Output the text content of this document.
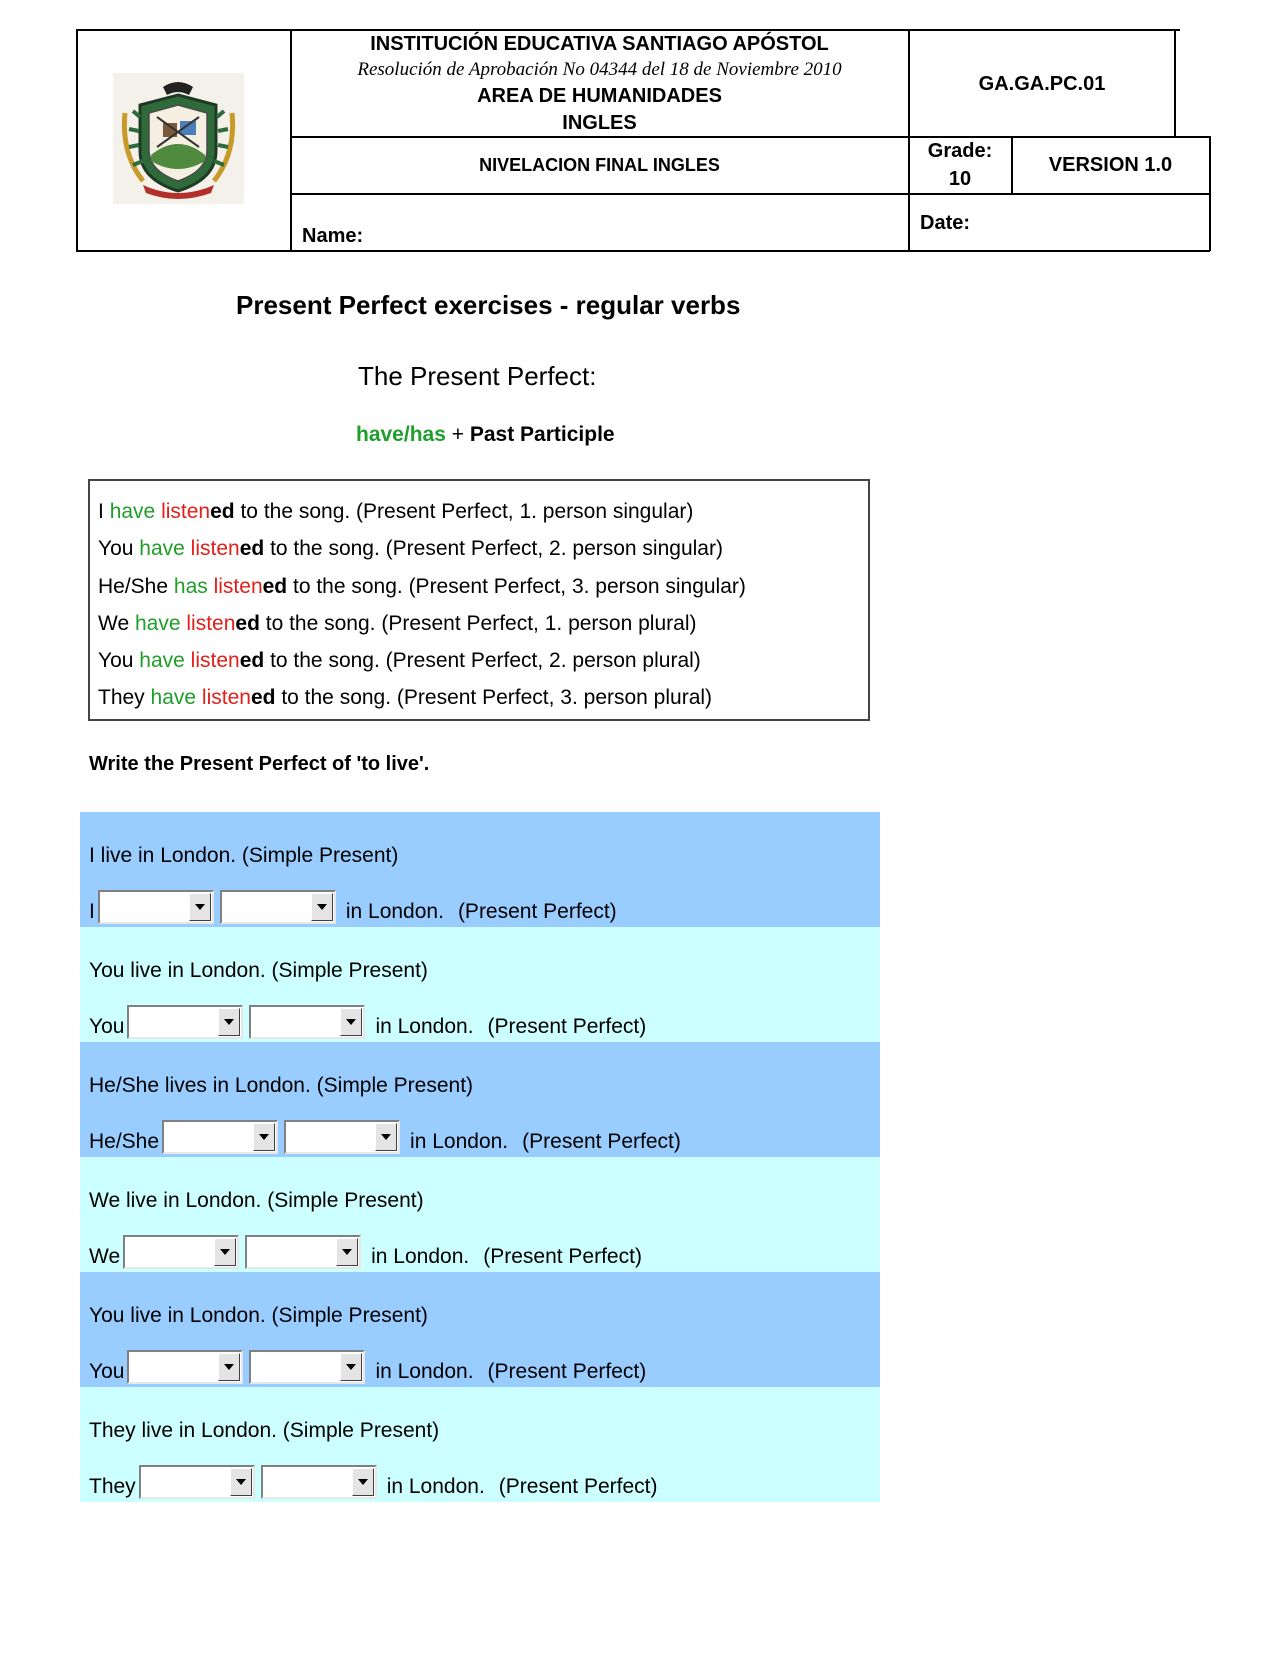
INSTITUCIÓN EDUCATIVA SANTIAGO APÓSTOL
Resolución de Aprobación No 04344 del 18 de Noviembre 2010
AREA DE HUMANIDADES
INGLES
GA.GA.PC.01
NIVELACION FINAL INGLES
Grade:
10
VERSION 1.0
Name:
Date:
Present Perfect exercises - regular verbs
The Present Perfect:
have/has + Past Participle
I have listened to the song. (Present Perfect, 1. person singular)
You have listened to the song. (Present Perfect, 2. person singular)
He/She has listened to the song. (Present Perfect, 3. person singular)
We have listened to the song. (Present Perfect, 1. person plural)
You have listened to the song. (Present Perfect, 2. person plural)
They have listened to the song. (Present Perfect, 3. person plural)
Write the Present Perfect of 'to live'.
I live in London. (Simple Present)
I	in London. (Present Perfect)
You live in London. (Simple Present)
You	in London. (Present Perfect)
He/She lives in London. (Simple Present)
He/She	in London. (Present Perfect)
We live in London. (Simple Present)
We	in London. (Present Perfect)
You live in London. (Simple Present)
You	in London. (Present Perfect)
They live in London. (Simple Present)
They	in London. (Present Perfect)
